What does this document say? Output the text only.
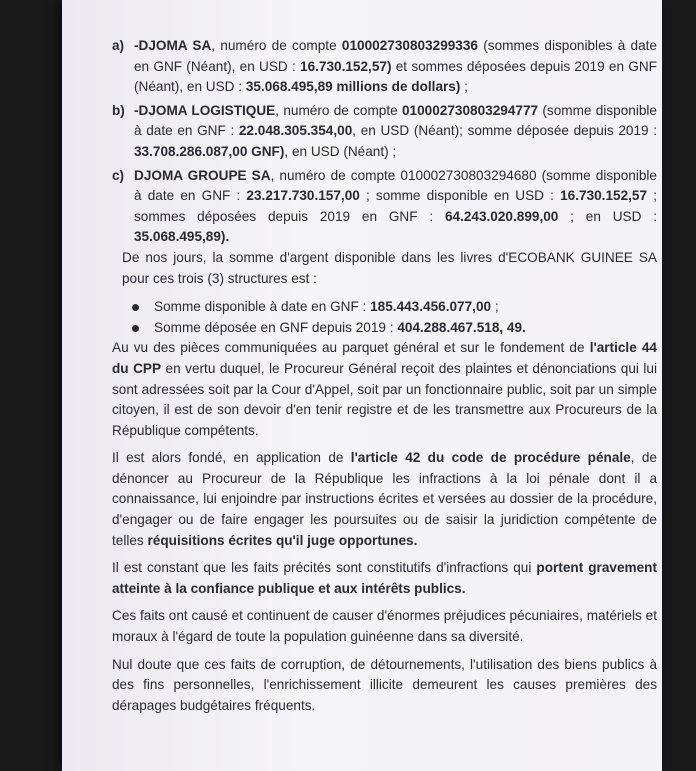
a) -DJOMA SA, numéro de compte 010002730803299336 (sommes disponibles à date en GNF (Néant), en USD : 16.730.152,57) et sommes déposées depuis 2019 en GNF (Néant), en USD : 35.068.495,89 millions de dollars) ;
b) -DJOMA LOGISTIQUE, numéro de compte 010002730803294777 (somme disponible à date en GNF : 22.048.305.354,00, en USD (Néant); somme déposée depuis 2019 : 33.708.286.087,00 GNF), en USD (Néant) ;
c) DJOMA GROUPE SA, numéro de compte 010002730803294680 (somme disponible à date en GNF : 23.217.730.157,00 ; somme disponible en USD : 16.730.152,57 ; sommes déposées depuis 2019 en GNF : 64.243.020.899,00 ; en USD : 35.068.495,89).

De nos jours, la somme d'argent disponible dans les livres d'ECOBANK GUINEE SA pour ces trois (3) structures est :

Somme disponible à date en GNF : 185.443.456.077,00 ;
Somme déposée en GNF depuis 2019 : 404.288.467.518, 49.

Au vu des pièces communiquées au parquet général et sur le fondement de l'article 44 du CPP en vertu duquel, le Procureur Général reçoit des plaintes et dénonciations qui lui sont adressées soit par la Cour d'Appel, soit par un fonctionnaire public, soit par un simple citoyen, il est de son devoir d'en tenir registre et de les transmettre aux Procureurs de la République compétents.

Il est alors fondé, en application de l'article 42 du code de procédure pénale, de dénoncer au Procureur de la République les infractions à la loi pénale dont il a connaissance, lui enjoindre par instructions écrites et versées au dossier de la procédure, d'engager ou de faire engager les poursuites ou de saisir la juridiction compétente de telles réquisitions écrites qu'il juge opportunes.

Il est constant que les faits précités sont constitutifs d'infractions qui portent gravement atteinte à la confiance publique et aux intérêts publics.

Ces faits ont causé et continuent de causer d'énormes préjudices pécuniaires, matériels et moraux à l'égard de toute la population guinéenne dans sa diversité.

Nul doute que ces faits de corruption, de détournements, l'utilisation des biens publics à des fins personnelles, l'enrichissement illicite demeurent les causes premières des dérapages budgétaires fréquents.
